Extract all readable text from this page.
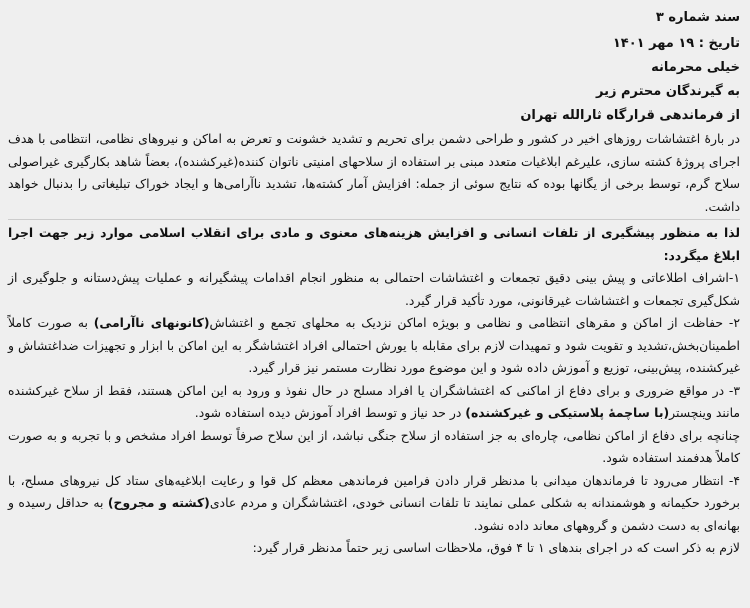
سند شماره ۳
تاریخ : ۱۹ مهر ۱۴۰۱
خیلی محرمانه
به گیرندگان محترم زیر
از فرماندهی قرارگاه ثارالله تهران

در بارهٔ اغتشاشات روزهای اخیر در کشور و طراحی دشمن برای تحریم و تشدید خشونت و تعرض به اماکن و نیروهای نظامی، انتظامی با هدف اجرای پروژهٔ کشته سازی، علیرغم ابلاغیات متعدد مبنی بر استفاده از سلاحهای امنیتی ناتوان کننده(غیرکشنده)، بعضاً شاهد بکارگیری غیراصولی سلاح گرم، توسط برخی از یگانها بوده که نتایج سوئی از جمله: افزایش آمار کشته‌ها، تشدید ناآرامی‌ها و ایجاد خوراک تبلیغاتی را بدنبال خواهد داشت.

لذا به منظور پیشگیری از تلفات انسانی و افزایش هزینه‌های معنوی و مادی برای انقلاب اسلامی موارد زیر جهت اجرا ابلاغ میگردد:

۱-اشراف اطلاعاتی و پیش بینی دقیق تجمعات و اغتشاشات احتمالی به منظور انجام اقدامات پیشگیرانه و عملیات پیش‌دستانه و جلوگیری از شکل‌گیری تجمعات و اغتشاشات غیرقانونی، مورد تأکید قرار گیرد.

۲- حفاظت از اماکن و مقرهای انتظامی و نظامی و بویژه اماکن نزدیک به محلهای تجمع و اغتشاش(کانونهای ناآرامی) به صورت کاملاً اطمینان‌بخش،تشدید و تقویت شود و تمهیدات لازم برای مقابله با یورش احتمالی افراد اغتشاشگر به این اماکن با ابزار و تجهیزات ضداغتشاش و غیرکشنده، پیش‌بینی، توزیع و آموزش داده شود و این موضوع مورد نظارت مستمر نیز قرار گیرد.

۳- در مواقع ضروری و برای دفاع از اماکنی که اغتشاشگران یا افراد مسلح در حال نفوذ و ورود به این اماکن هستند، فقط از سلاح غیرکشنده مانند وینچستر(با ساچمهٔ پلاستیکی و غیرکشنده) در حد نیاز و توسط افراد آموزش دیده استفاده شود.

چنانچه برای دفاع از اماکن نظامی، چاره‌ای به جز استفاده از سلاح جنگی نباشد، از این سلاح صرفاً توسط افراد مشخص و با تجربه و به صورت کاملاً هدفمند استفاده شود.

۴- انتظار می‌رود تا فرماندهان میدانی با مدنظر قرار دادن فرامین فرماندهی معظم کل قوا و رعایت ابلاغیه‌های ستاد کل نیروهای مسلح، با برخورد حکیمانه و هوشمندانه به شکلی عملی نمایند تا تلفات انسانی خودی، اغتشاشگران و مردم عادی(کشته و مجروح) به حداقل رسیده و بهانه‌ای به دست دشمن و گروههای معاند داده نشود.

لازم به ذکر است که در اجرای بندهای ۱ تا ۴ فوق، ملاحظات اساسی زیر حتماً مدنظر قرار گیرد:
